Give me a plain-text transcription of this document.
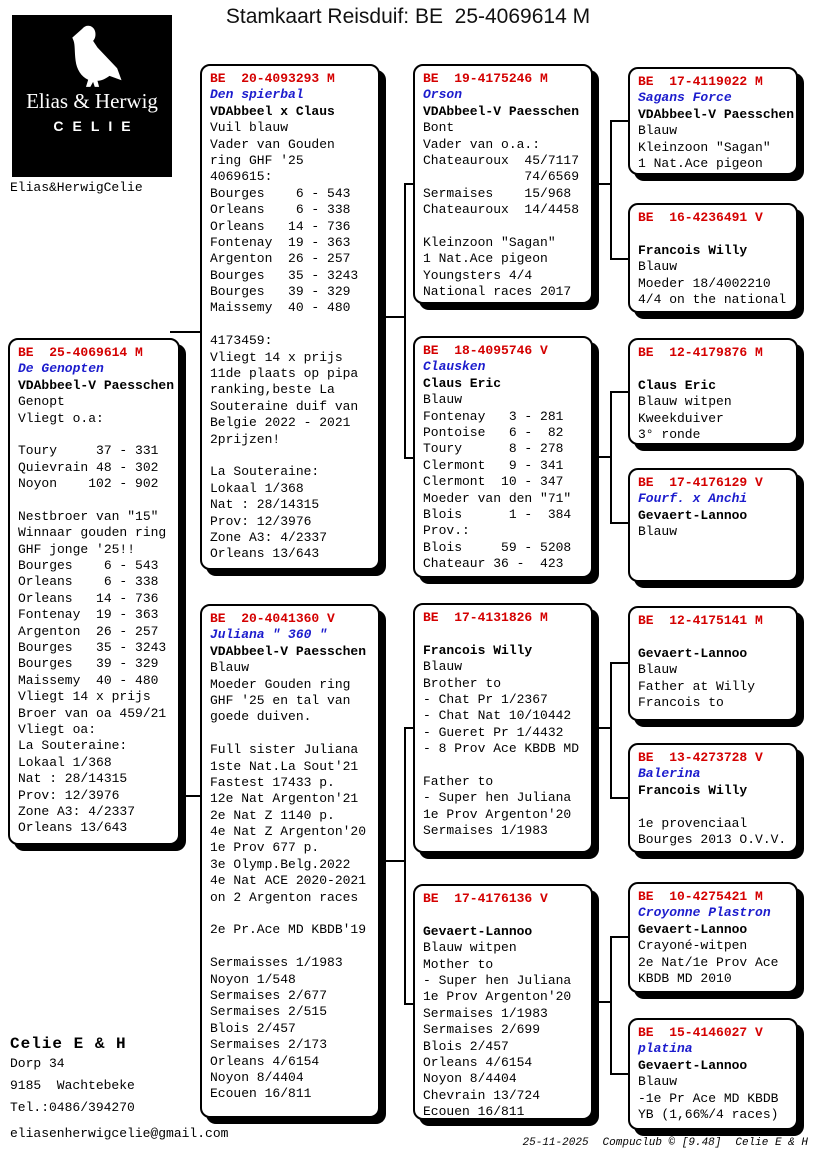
Stamkaart Reisduif: BE  25-4069614 M
Elias & Herwig
CELIE
Elias&HerwigCelie
BE  25-4069614 M
De Genopten
VDAbbeel-V Paesschen
Genopt
Vliegt o.a:

Toury     37 - 331
Quievrain 48 - 302
Noyon    102 - 902

Nestbroer van "15"
Winnaar gouden ring
GHF jonge '25!!
Bourges    6 - 543
Orleans    6 - 338
Orleans   14 - 736
Fontenay  19 - 363
Argenton  26 - 257
Bourges   35 - 3243
Bourges   39 - 329
Maissemy  40 - 480
Vliegt 14 x prijs
Broer van oa 459/21
Vliegt oa:
La Souteraine:
Lokaal 1/368
Nat : 28/14315
Prov: 12/3976
Zone A3: 4/2337
Orleans 13/643
BE  20-4093293 M
Den spierbal
VDAbbeel x Claus
Vuil blauw
Vader van Gouden
ring GHF '25
4069615:
Bourges    6 - 543
Orleans    6 - 338
Orleans   14 - 736
Fontenay  19 - 363
Argenton  26 - 257
Bourges   35 - 3243
Bourges   39 - 329
Maissemy  40 - 480

4173459:
Vliegt 14 x prijs
11de plaats op pipa
ranking,beste La
Souteraine duif van
Belgie 2022 - 2021
2prijzen!

La Souteraine:
Lokaal 1/368
Nat : 28/14315
Prov: 12/3976
Zone A3: 4/2337
Orleans 13/643
BE  20-4041360 V
Juliana " 360 "
VDAbbeel-V Paesschen
Blauw
Moeder Gouden ring
GHF '25 en tal van
goede duiven.

Full sister Juliana
1ste Nat.La Sout'21
Fastest 17433 p.
12e Nat Argenton'21
2e Nat Z 1140 p.
4e Nat Z Argenton'20
1e Prov 677 p.
3e Olymp.Belg.2022
4e Nat ACE 2020-2021
on 2 Argenton races

2e Pr.Ace MD KBDB'19

Sermaisses 1/1983
Noyon 1/548
Sermaises 2/677
Sermaises 2/515
Blois 2/457
Sermaises 2/173
Orleans 4/6154
Noyon 8/4404
Ecouen 16/811
BE  19-4175246 M
Orson
VDAbbeel-V Paesschen
Bont
Vader van o.a.:
Chateauroux  45/7117
74/6569
Sermaises    15/968
Chateauroux  14/4458

Kleinzoon "Sagan"
1 Nat.Ace pigeon
Youngsters 4/4
National races 2017
BE  18-4095746 V
Clausken
Claus Eric
Blauw
Fontenay   3 - 281
Pontoise   6 -  82
Toury      8 - 278
Clermont   9 - 341
Clermont  10 - 347
Moeder van den "71"
Blois      1 -  384
Prov.:
Blois     59 - 5208
Chateaur 36 -  423
BE  17-4131826 M

Francois Willy
Blauw
Brother to
- Chat Pr 1/2367
- Chat Nat 10/10442
- Gueret Pr 1/4432
- 8 Prov Ace KBDB MD

Father to
- Super hen Juliana
1e Prov Argenton'20
Sermaises 1/1983
BE  17-4176136 V

Gevaert-Lannoo
Blauw witpen
Mother to
- Super hen Juliana
1e Prov Argenton'20
Sermaises 1/1983
Sermaises 2/699
Blois 2/457
Orleans 4/6154
Noyon 8/4404
Chevrain 13/724
Ecouen 16/811
BE  17-4119022 M
Sagans Force
VDAbbeel-V Paesschen
Blauw
Kleinzoon "Sagan"
1 Nat.Ace pigeon
BE  16-4236491 V

Francois Willy
Blauw
Moeder 18/4002210
4/4 on the national
BE  12-4179876 M

Claus Eric
Blauw witpen
Kweekduiver
3° ronde
BE  17-4176129 V
Fourf. x Anchi
Gevaert-Lannoo
Blauw
BE  12-4175141 M

Gevaert-Lannoo
Blauw
Father at Willy
Francois to
BE  13-4273728 V
Balerina
Francois Willy

1e provenciaal
Bourges 2013 O.V.V.
BE  10-4275421 M
Croyonne Plastron
Gevaert-Lannoo
Crayoné-witpen
2e Nat/1e Prov Ace
KBDB MD 2010
BE  15-4146027 V
platina
Gevaert-Lannoo
Blauw
-1e Pr Ace MD KBDB
YB (1,66%/4 races)
Celie E & H
Dorp 34
9185  Wachtebeke
Tel.:0486/394270
eliasenherwigcelie@gmail.com
25-11-2025 Compuclub © [9.48] Celie E & H
